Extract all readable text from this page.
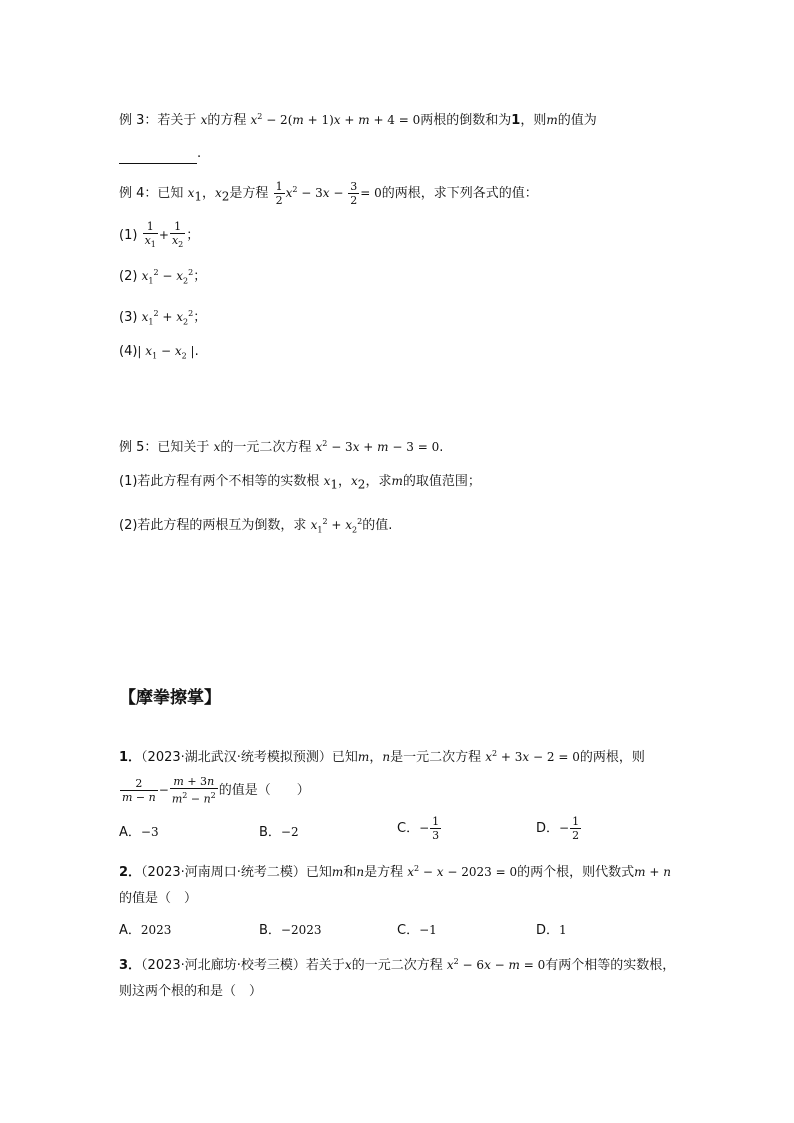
例 3：若关于 x的方程 $x^2 - 2(m + 1)x + m + 4 = 0$两根的倒数和为1，则m的值为
.
例 4：已知 $x_1$，$x_2$是方程 $\frac{1}{2} x^2 - 3x - \frac{3}{2} = 0$的两根，求下列各式的值：
$(1) \frac{1}{x_1} + \frac{1}{x_2}$ ；
(2) $x_1^2 - x_2^2$；
(3) $x_1^2 + x_2^2$；
(4)| $x_1 - x_2$ |.
例 5：已知关于 x的一元二次方程 $x^2 - 3x + m - 3 = 0$.
(1)若此方程有两个不相等的实数根 $x_1$，$x_2$，求m的取值范围；
(2)若此方程的两根互为倒数，求 $x_1^2 + x_2^2$的值.
【摩拳擦掌】
1．（2023·湖北武汉·统考模拟预测）已知m，n是一元二次方程 $x^2 + 3x - 2 = 0$的两根，则
$\frac{2}{m - n} - \frac{m + 3n}{m^2 - n^2}$ 的值是（　　）
A．−3	B．−2	C．− $\frac{1}{3}$	D．− $\frac{1}{2}$
2．（2023·河南周口·统考二模）已知m和n是方程 $x^2 - x - 2023 = 0$的两个根，则代数式m + n
的值是（　）
A．2023	B．−2023	C．−1	D．1
3．（2023·河北廊坊·校考三模）若关于x的一元二次方程 $x^2 - 6x - m = 0$有两个相等的实数根，
则这两个根的和是（　）
